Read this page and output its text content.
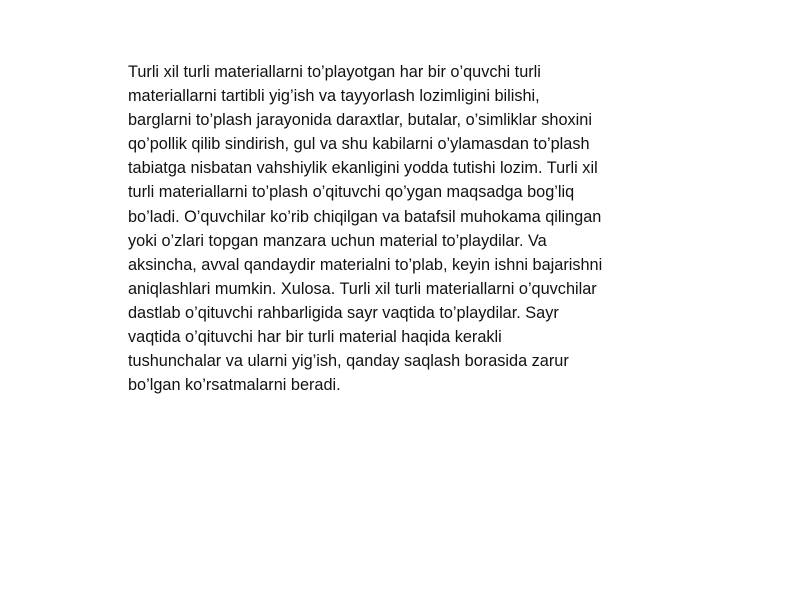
Turli xil turli materiallarni to’playotgan har bir o’quvchi turli
materiallarni tartibli yig’ish va tayyorlash lozimligini bilishi,
barglarni to’plash jarayonida daraxtlar, butalar, o’simliklar shoxini
qo’pollik qilib sindirish, gul va shu kabilarni o’ylamasdan to’plash
tabiatga nisbatan vahshiylik ekanligini yodda tutishi lozim. Turli xil
turli materiallarni to’plash o’qituvchi qo’ygan maqsadga bog’liq
bo’ladi. O’quvchilar ko’rib chiqilgan va batafsil muhokama qilingan
yoki o’zlari topgan manzara uchun material to’playdilar. Va
aksincha, avval qandaydir materialni to’plab, keyin ishni bajarishni
aniqlashlari mumkin. Xulosa. Turli xil turli materiallarni o’quvchilar
dastlab o’qituvchi rahbarligida sayr vaqtida to’playdilar. Sayr
vaqtida o’qituvchi har bir turli material haqida kerakli
tushunchalar va ularni yig’ish, qanday saqlash borasida zarur
bo’lgan ko’rsatmalarni beradi.
